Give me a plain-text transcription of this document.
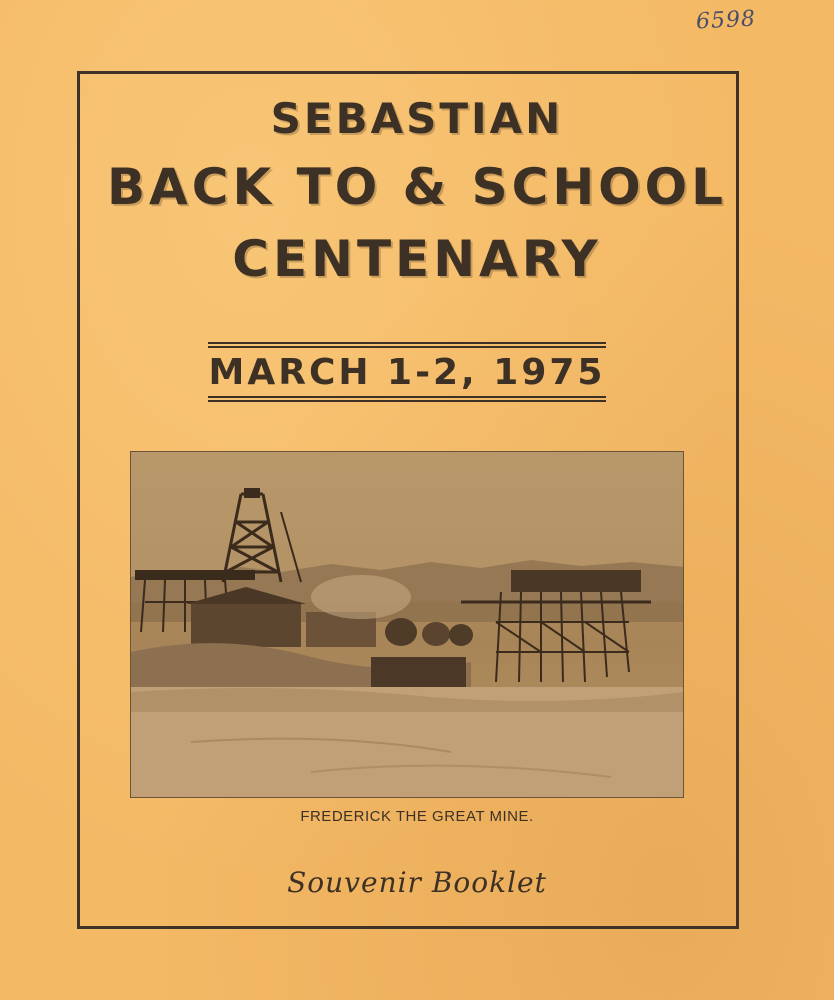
6598
SEBASTIAN
BACK TO & SCHOOL
CENTENARY
MARCH 1-2, 1975
FREDERICK THE GREAT MINE.
Souvenir Booklet
